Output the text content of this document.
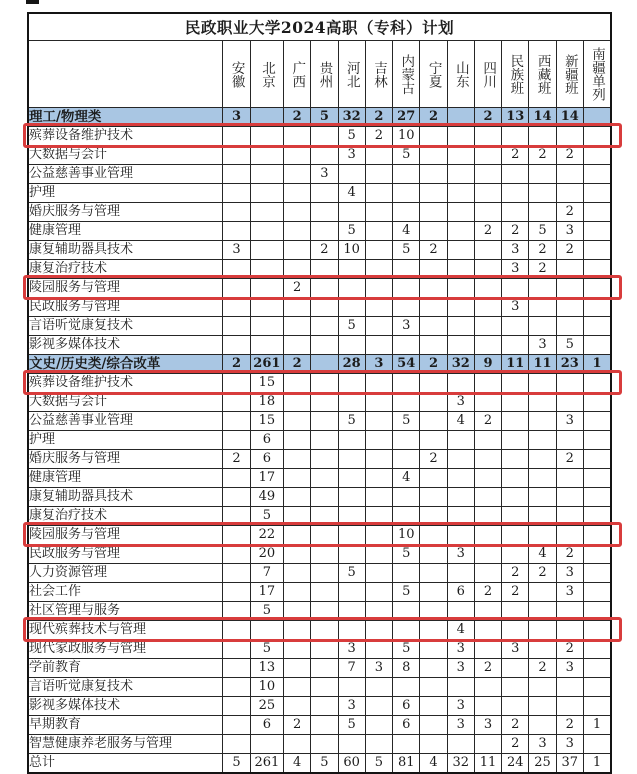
民政职业大学2024高职（专科）计划														

	安徽	北京	广西	贵州	河北	吉林	内蒙古	宁夏	山东	四川	民族班	西藏班	新疆班	南疆单列

理工/物理类	3		2	5	32	2	27	2		2	13	14	14	
殡葬设备维护技术					5	2	10							
大数据与会计					3		5				2	2	2	
公益慈善事业管理				3										
护理					4									
婚庆服务与管理													2	
健康管理					5		4			2	2	5	3	
康复辅助器具技术	3			2	10		5	2			3	2	2	
康复治疗技术											3	2		
陵园服务与管理			2											
民政服务与管理											3			
言语听觉康复技术					5		3							
影视多媒体技术												3	5	
文史/历史类/综合改革	2	261	2		28	3	54	2	32	9	11	11	23	1
殡葬设备维护技术		15												
大数据与会计		18							3					
公益慈善事业管理		15			5		5		4	2			3	
护理		6												
婚庆服务与管理	2	6						2					2	
健康管理		17					4							
康复辅助器具技术		49												
康复治疗技术		5												
陵园服务与管理		22					10							
民政服务与管理		20					5		3			4	2	
人力资源管理		7			5						2	2	3	
社会工作		17					5		6	2	2		3	
社区管理与服务		5												
现代殡葬技术与管理									4					
现代家政服务与管理		5			3		5		3		3		2	
学前教育		13			7	3	8		3	2		2	3	
言语听觉康复技术		10												
影视多媒体技术		25			3		6		3					
早期教育		6	2		5		6		3	3	2		2	1
智慧健康养老服务与管理											2	3	3	
总计	5	261	4	5	60	5	81	4	32	11	24	25	37	1
